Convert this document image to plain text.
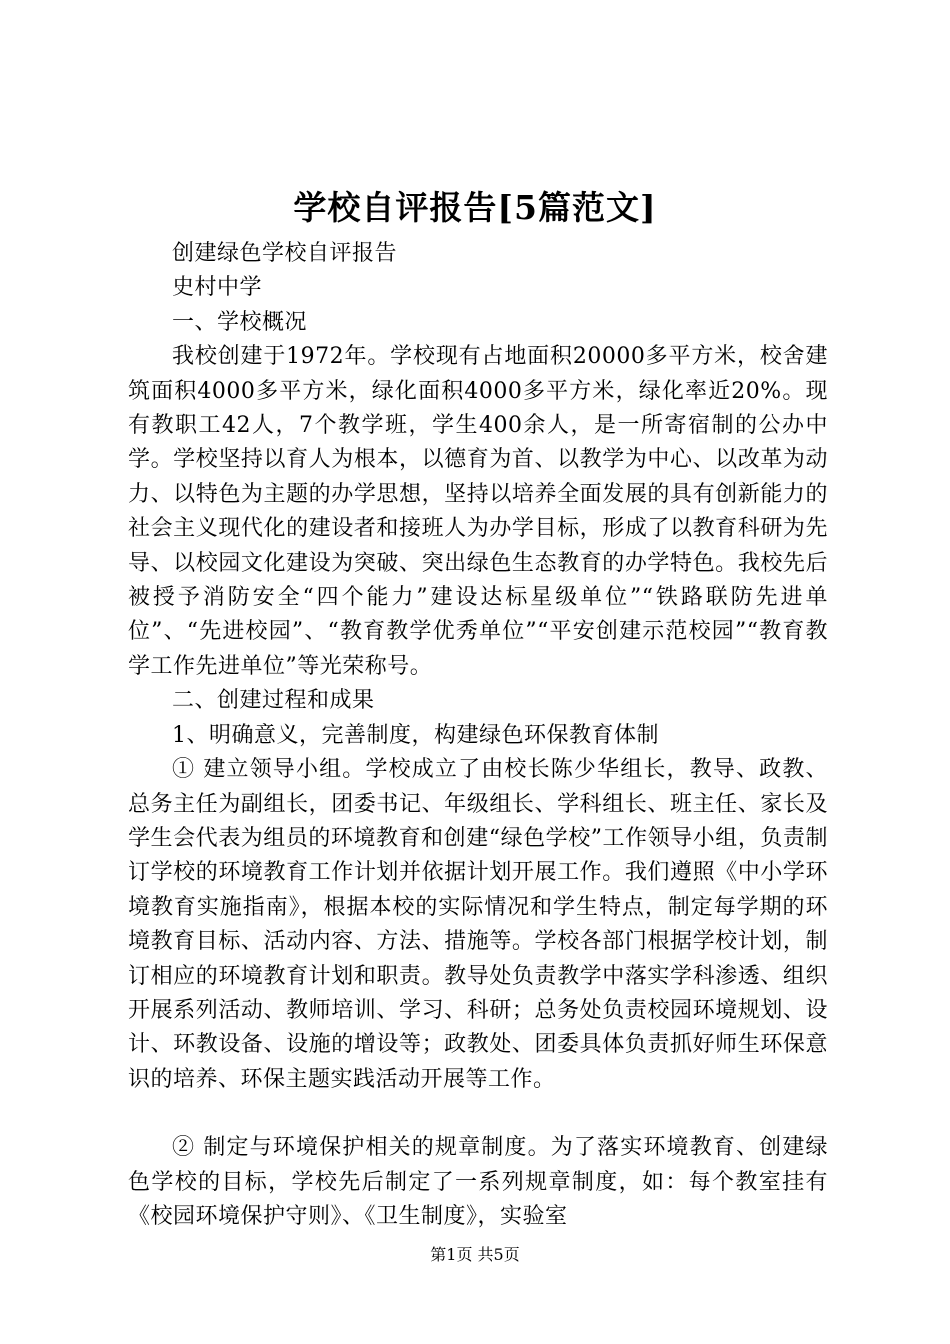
学校自评报告[5篇范文]

创建绿色学校自评报告

史村中学

一、学校概况

我校创建于1972年。学校现有占地面积20000多平方米，校舍建筑面积4000多平方米，绿化面积4000多平方米，绿化率近20%。现有教职工42人，7个教学班，学生400余人，是一所寄宿制的公办中学。学校坚持以育人为根本，以德育为首、以教学为中心、以改革为动力、以特色为主题的办学思想，坚持以培养全面发展的具有创新能力的社会主义现代化的建设者和接班人为办学目标，形成了以教育科研为先导、以校园文化建设为突破、突出绿色生态教育的办学特色。我校先后被授予消防安全“四个能力”建设达标星级单位”“铁路联防先进单位”、“先进校园”、“教育教学优秀单位”“平安创建示范校园”“教育教学工作先进单位”等光荣称号。

二、创建过程和成果

1、明确意义，完善制度，构建绿色环保教育体制

① 建立领导小组。学校成立了由校长陈少华组长，教导、政教、总务主任为副组长，团委书记、年级组长、学科组长、班主任、家长及学生会代表为组员的环境教育和创建“绿色学校”工作领导小组，负责制订学校的环境教育工作计划并依据计划开展工作。我们遵照《中小学环境教育实施指南》，根据本校的实际情况和学生特点，制定每学期的环境教育目标、活动内容、方法、措施等。学校各部门根据学校计划，制订相应的环境教育计划和职责。教导处负责教学中落实学科渗透、组织开展系列活动、教师培训、学习、科研；总务处负责校园环境规划、设计、环教设备、设施的增设等；政教处、团委具体负责抓好师生环保意识的培养、环保主题实践活动开展等工作。

② 制定与环境保护相关的规章制度。为了落实环境教育、创建绿色学校的目标，学校先后制定了一系列规章制度，如：每个教室挂有《校园环境保护守则》、《卫生制度》，实验室

第1页 共5页
